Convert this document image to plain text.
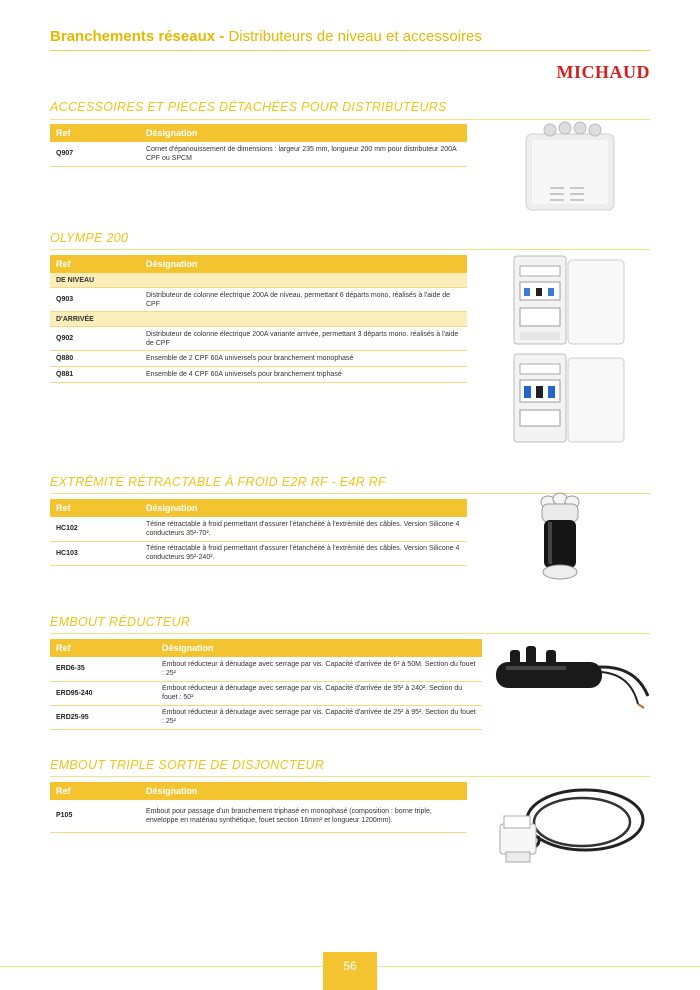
Branchements réseaux - Distributeurs de niveau et accessoires
MICHAUD
ACCESSOIRES ET PIÈCES DÉTACHÉES POUR DISTRIBUTEURS
Ref	Désignation
Q907	Cornet d'épanouissement de dimensions : largeur 235 mm, longueur 200 mm pour distributeur 200A CPF ou SPCM
OLYMPE 200
Ref	Désignation
DE NIVEAU	
Q903	Distributeur de colonne électrique 200A de niveau, permettant 6 départs mono, réalisés à l'aide de CPF
D'ARRIVÉE	
Q902	Distributeur de colonne électrique 200A variante arrivée, permettant 3 départs mono. réalisés à l'aide de CPF
Q880	Ensemble de 2 CPF 60A universels pour branchement monophasé
Q881	Ensemble de 4 CPF 60A universels pour branchement triphasé
EXTRÊMITÉ RÉTRACTABLE À FROID E2R RF - E4R RF
Ref	Désignation
HC102	Tétine rétractable à froid permettant d'assurer l'étanchéité à l'extrémité des câbles. Version Silicone 4 conducteurs 35²-70².
HC103	Tétine rétractable à froid permettant d'assurer l'étanchéité à l'extrémité des câbles. Version Silicone 4 conducteurs 95²-240².
EMBOUT RÉDUCTEUR
Ref	Désignation
ERD6-35	Embout réducteur à dénudage avec serrage par vis. Capacité d'arrivée de 6² à 50M. Section du fouet : 25²
ERD95-240	Embout réducteur à dénudage avec serrage par vis. Capacité d'arrivée de 95² à 240². Section du fouet : 50²
ERD25-95	Embout réducteur à dénudage avec serrage par vis. Capacité d'arrivée de 25² à 95². Section du fouet : 25²
EMBOUT TRIPLE SORTIE DE DISJONCTEUR
Ref	Désignation
P105	Embout pour passage d'un branchement triphasé en monophasé (composition : borne triple, enveloppe en matériau synthétique, fouet section 16mm² et longueur 1200mm).
56
